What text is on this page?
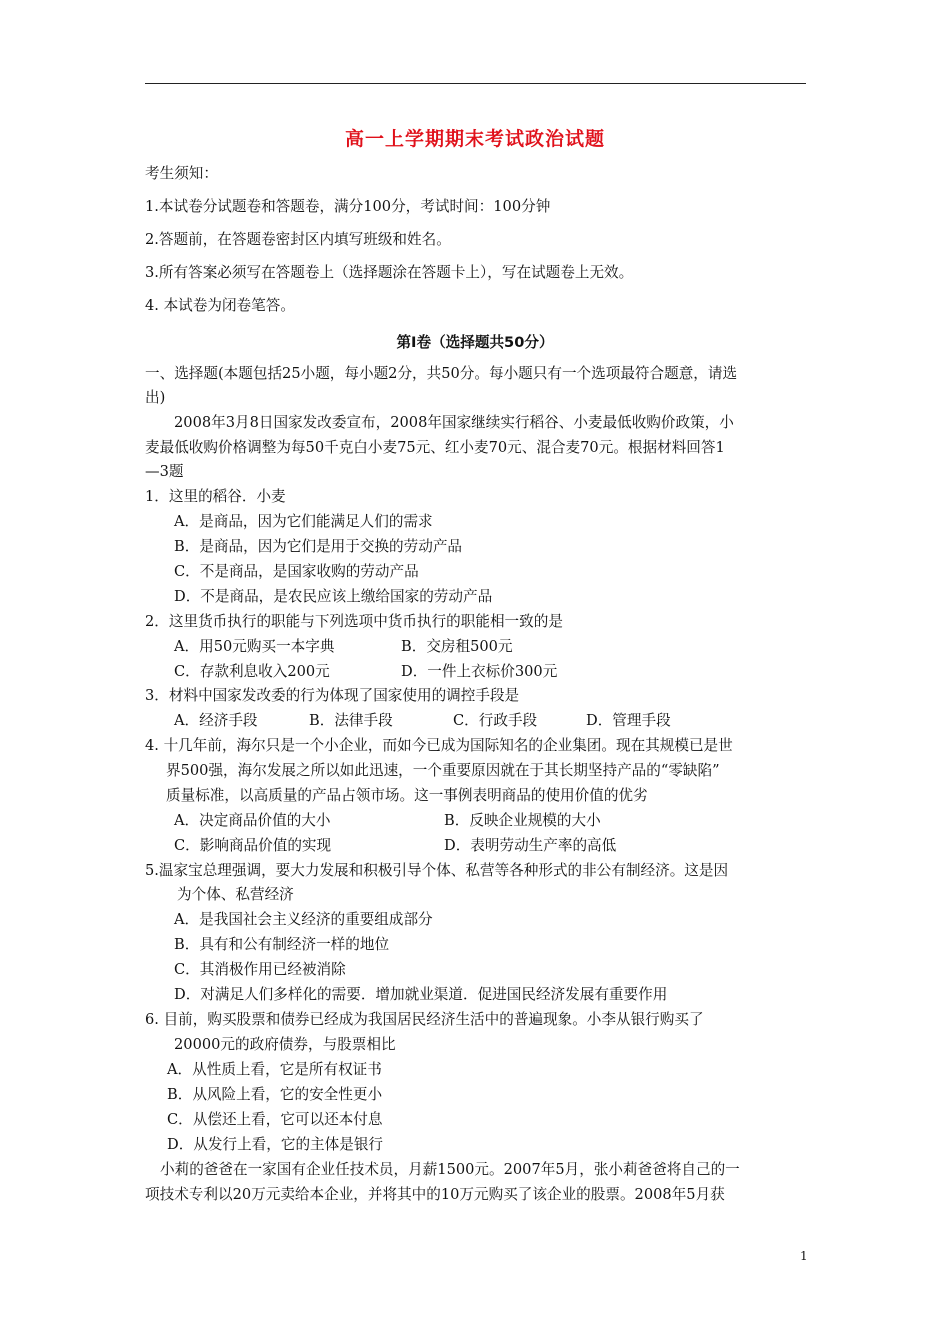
高一上学期期末考试政治试题
考生须知：
1.本试卷分试题卷和答题卷，满分100分，考试时间：100分钟
2.答题前，在答题卷密封区内填写班级和姓名。
3.所有答案必须写在答题卷上（选择题涂在答题卡上），写在试题卷上无效。
4. 本试卷为闭卷笔答。
第Ⅰ卷（选择题共50分）
一、选择题(本题包括25小题，每小题2分，共50分。每小题只有一个选项最符合题意，请选
出)
2008年3月8日国家发改委宣布，2008年国家继续实行稻谷、小麦最低收购价政策，小
麦最低收购价格调整为每50千克白小麦75元、红小麦70元、混合麦70元。根据材料回答1
—3题
1．这里的稻谷．小麦
A．是商品，因为它们能满足人们的需求
B．是商品，因为它们是用于交换的劳动产品
C．不是商品，是国家收购的劳动产品
D．不是商品，是农民应该上缴给国家的劳动产品
2．这里货币执行的职能与下列选项中货币执行的职能相一致的是
A．用50元购买一本字典	B．交房租500元
C．存款利息收入200元	D．一件上衣标价300元
3．材料中国家发改委的行为体现了国家使用的调控手段是
A．经济手段	B．法律手段	C．行政手段	D．管理手段
4. 十几年前，海尔只是一个小企业，而如今已成为国际知名的企业集团。现在其规模已是世
界500强，海尔发展之所以如此迅速，一个重要原因就在于其长期坚持产品的“零缺陷”
质量标准，以高质量的产品占领市场。这一事例表明商品的使用价值的优劣
A．决定商品价值的大小	B．反映企业规模的大小
C．影响商品价值的实现	D．表明劳动生产率的高低
5.温家宝总理强调，要大力发展和积极引导个体、私营等各种形式的非公有制经济。这是因
为个体、私营经济
A．是我国社会主义经济的重要组成部分
B．具有和公有制经济一样的地位
C．其消极作用已经被消除
D．对满足人们多样化的需要．增加就业渠道．促进国民经济发展有重要作用
6. 目前，购买股票和债券已经成为我国居民经济生活中的普遍现象。小李从银行购买了
20000元的政府债券，与股票相比
A．从性质上看，它是所有权证书
B．从风险上看，它的安全性更小
C．从偿还上看，它可以还本付息
D．从发行上看，它的主体是银行
小莉的爸爸在一家国有企业任技术员，月薪1500元。2007年5月，张小莉爸爸将自己的一
项技术专利以20万元卖给本企业，并将其中的10万元购买了该企业的股票。2008年5月获
1
